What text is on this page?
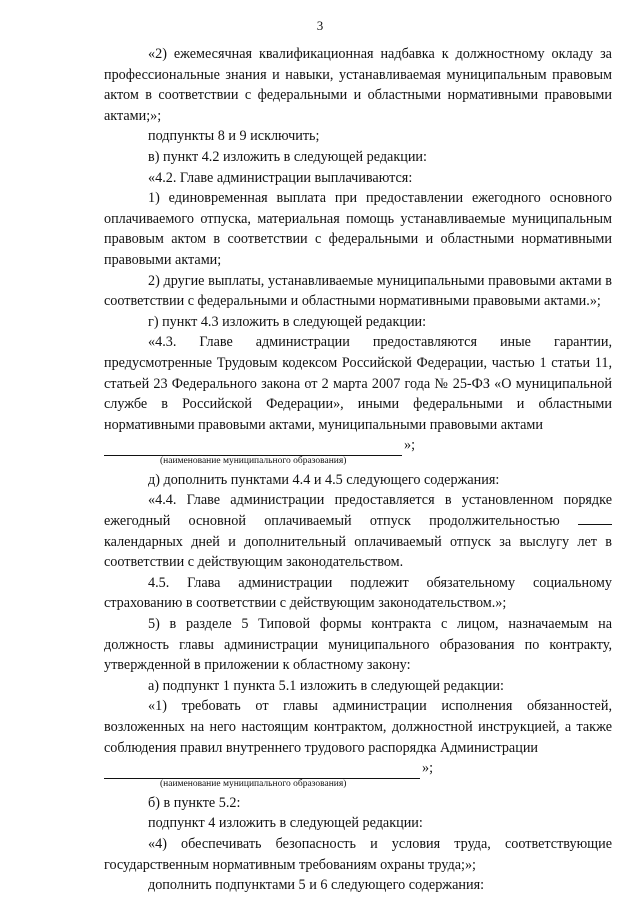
3

«2) ежемесячная квалификационная надбавка к должностному окладу за профессиональные знания и навыки, устанавливаемая муниципальным правовым актом в соответствии с федеральными и областными нормативными правовыми актами;»;

подпункты 8 и 9 исключить;

в) пункт 4.2 изложить в следующей редакции:

«4.2. Главе администрации выплачиваются:

1) единовременная выплата при предоставлении ежегодного основного оплачиваемого отпуска, материальная помощь устанавливаемые муниципальным правовым актом в соответствии с федеральными и областными нормативными правовыми актами;

2) другие выплаты, устанавливаемые муниципальными правовыми актами в соответствии с федеральными и областными нормативными правовыми актами.»;

г) пункт 4.3 изложить в следующей редакции:

«4.3. Главе администрации предоставляются иные гарантии, предусмотренные Трудовым кодексом Российской Федерации, частью 1 статьи 11, статьей 23 Федерального закона от 2 марта 2007 года № 25-ФЗ «О муниципальной службе в Российской Федерации», иными федеральными и областными нормативными правовыми актами, муниципальными правовыми актами

»;
(наименование муниципального образования)

д) дополнить пунктами 4.4 и 4.5 следующего содержания:

«4.4. Главе администрации предоставляется в установленном порядке ежегодный основной оплачиваемый отпуск продолжительностью  календарных дней и дополнительный оплачиваемый отпуск за выслугу лет в соответствии с действующим законодательством.

4.5. Глава администрации подлежит обязательному социальному страхованию в соответствии с действующим законодательством.»;

5) в разделе 5 Типовой формы контракта с лицом, назначаемым на должность главы администрации муниципального образования по контракту, утвержденной в приложении к областному закону:

а) подпункт 1 пункта 5.1 изложить в следующей редакции:

«1) требовать от главы администрации исполнения обязанностей, возложенных на него настоящим контрактом, должностной инструкцией, а также соблюдения правил внутреннего трудового распорядка Администрации

»;
(наименование муниципального образования)

б) в пункте 5.2:

подпункт 4 изложить в следующей редакции:

«4) обеспечивать безопасность и условия труда, соответствующие государственным нормативным требованиям охраны труда;»;

дополнить подпунктами 5 и 6 следующего содержания:
